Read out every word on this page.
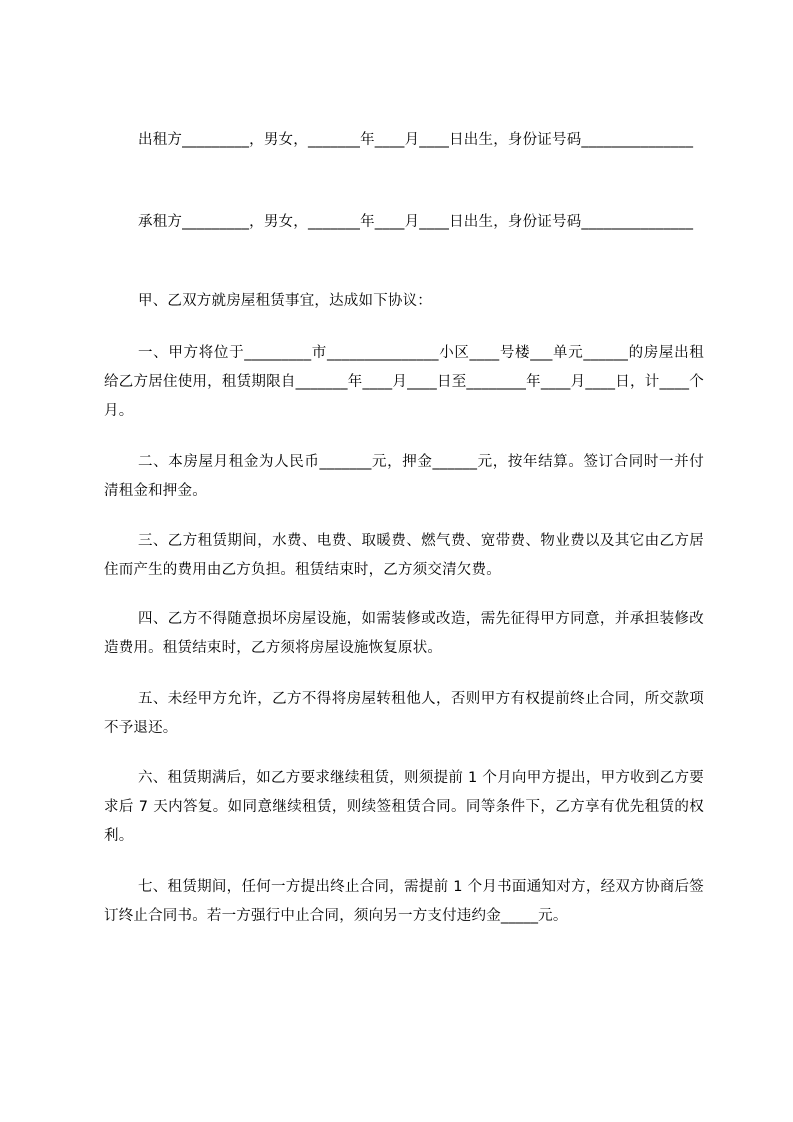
出租方_________，男女，_______年____月____日出生，身份证号码_______________

承租方_________，男女，_______年____月____日出生，身份证号码_______________

甲、乙双方就房屋租赁事宜，达成如下协议：

一、甲方将位于_________市_______________小区____号楼___单元______的房屋出租给乙方居住使用，租赁期限自_______年____月____日至________年____月____日，计____个月。

二、本房屋月租金为人民币_______元，押金______元，按年结算。签订合同时一并付清租金和押金。

三、乙方租赁期间，水费、电费、取暖费、燃气费、宽带费、物业费以及其它由乙方居住而产生的费用由乙方负担。租赁结束时，乙方须交清欠费。

四、乙方不得随意损坏房屋设施，如需装修或改造，需先征得甲方同意，并承担装修改造费用。租赁结束时，乙方须将房屋设施恢复原状。

五、未经甲方允许，乙方不得将房屋转租他人，否则甲方有权提前终止合同，所交款项不予退还。

六、租赁期满后，如乙方要求继续租赁，则须提前 1 个月向甲方提出，甲方收到乙方要求后 7 天内答复。如同意继续租赁，则续签租赁合同。同等条件下，乙方享有优先租赁的权利。

七、租赁期间，任何一方提出终止合同，需提前 1 个月书面通知对方，经双方协商后签订终止合同书。若一方强行中止合同，须向另一方支付违约金_____元。
